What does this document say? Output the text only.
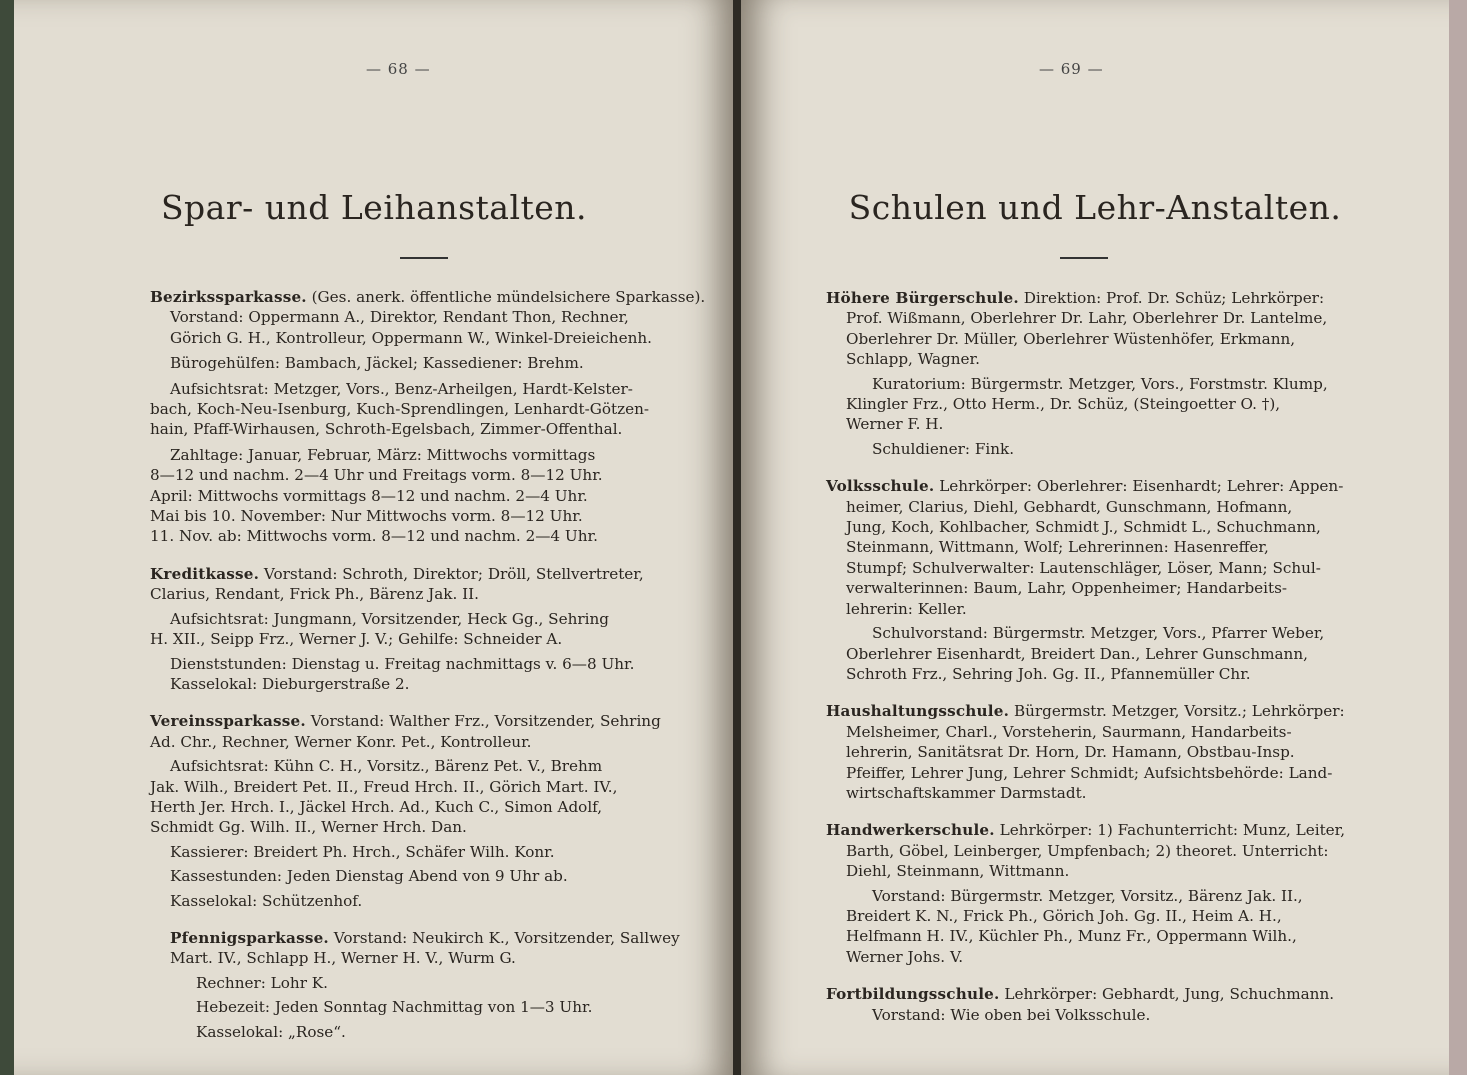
— 68 —
Spar- und Leihanstalten.
Bezirkssparkasse. (Ges. anerk. öffentliche mündelsichere Sparkasse).
Vorstand: Oppermann A., Direktor, Rendant Thon, Rechner,
Görich G. H., Kontrolleur, Oppermann W., Winkel-Dreieichenh.
Bürogehülfen: Bambach, Jäckel; Kassediener: Brehm.
Aufsichtsrat: Metzger, Vors., Benz-Arheilgen, Hardt-Kelster-
bach, Koch-Neu-Isenburg, Kuch-Sprendlingen, Lenhardt-Götzen-
hain, Pfaff-Wirhausen, Schroth-Egelsbach, Zimmer-Offenthal.
Zahltage: Januar, Februar, März: Mittwochs vormittags
8—12 und nachm. 2—4 Uhr und Freitags vorm. 8—12 Uhr.
April: Mittwochs vormittags 8—12 und nachm. 2—4 Uhr.
Mai bis 10. November: Nur Mittwochs vorm. 8—12 Uhr.
11. Nov. ab: Mittwochs vorm. 8—12 und nachm. 2—4 Uhr.
Kreditkasse. Vorstand: Schroth, Direktor; Dröll, Stellvertreter,
Clarius, Rendant, Frick Ph., Bärenz Jak. II.
Aufsichtsrat: Jungmann, Vorsitzender, Heck Gg., Sehring
H. XII., Seipp Frz., Werner J. V.; Gehilfe: Schneider A.
Dienststunden: Dienstag u. Freitag nachmittags v. 6—8 Uhr.
Kasselokal: Dieburgerstraße 2.
Vereinssparkasse. Vorstand: Walther Frz., Vorsitzender, Sehring
Ad. Chr., Rechner, Werner Konr. Pet., Kontrolleur.
Aufsichtsrat: Kühn C. H., Vorsitz., Bärenz Pet. V., Brehm
Jak. Wilh., Breidert Pet. II., Freud Hrch. II., Görich Mart. IV.,
Herth Jer. Hrch. I., Jäckel Hrch. Ad., Kuch C., Simon Adolf,
Schmidt Gg. Wilh. II., Werner Hrch. Dan.
Kassierer: Breidert Ph. Hrch., Schäfer Wilh. Konr.
Kassestunden: Jeden Dienstag Abend von 9 Uhr ab.
Kasselokal: Schützenhof.
Pfennigsparkasse. Vorstand: Neukirch K., Vorsitzender, Sallwey
Mart. IV., Schlapp H., Werner H. V., Wurm G.
Rechner: Lohr K.
Hebezeit: Jeden Sonntag Nachmittag von 1—3 Uhr.
Kasselokal: „Rose“.
— 69 —
Schulen und Lehr-Anstalten.
Höhere Bürgerschule. Direktion: Prof. Dr. Schüz; Lehrkörper:
Prof. Wißmann, Oberlehrer Dr. Lahr, Oberlehrer Dr. Lantelme,
Oberlehrer Dr. Müller, Oberlehrer Wüstenhöfer, Erkmann,
Schlapp, Wagner.
Kuratorium: Bürgermstr. Metzger, Vors., Forstmstr. Klump,
Klingler Frz., Otto Herm., Dr. Schüz, (Steingoetter O. †),
Werner F. H.
Schuldiener: Fink.
Volksschule. Lehrkörper: Oberlehrer: Eisenhardt; Lehrer: Appen-
heimer, Clarius, Diehl, Gebhardt, Gunschmann, Hofmann,
Jung, Koch, Kohlbacher, Schmidt J., Schmidt L., Schuchmann,
Steinmann, Wittmann, Wolf; Lehrerinnen: Hasenreffer,
Stumpf; Schulverwalter: Lautenschläger, Löser, Mann; Schul-
verwalterinnen: Baum, Lahr, Oppenheimer; Handarbeits-
lehrerin: Keller.
Schulvorstand: Bürgermstr. Metzger, Vors., Pfarrer Weber,
Oberlehrer Eisenhardt, Breidert Dan., Lehrer Gunschmann,
Schroth Frz., Sehring Joh. Gg. II., Pfannemüller Chr.
Haushaltungsschule. Bürgermstr. Metzger, Vorsitz.; Lehrkörper:
Melsheimer, Charl., Vorsteherin, Saurmann, Handarbeits-
lehrerin, Sanitätsrat Dr. Horn, Dr. Hamann, Obstbau-Insp.
Pfeiffer, Lehrer Jung, Lehrer Schmidt; Aufsichtsbehörde: Land-
wirtschaftskammer Darmstadt.
Handwerkerschule. Lehrkörper: 1) Fachunterricht: Munz, Leiter,
Barth, Göbel, Leinberger, Umpfenbach; 2) theoret. Unterricht:
Diehl, Steinmann, Wittmann.
Vorstand: Bürgermstr. Metzger, Vorsitz., Bärenz Jak. II.,
Breidert K. N., Frick Ph., Görich Joh. Gg. II., Heim A. H.,
Helfmann H. IV., Küchler Ph., Munz Fr., Oppermann Wilh.,
Werner Johs. V.
Fortbildungsschule. Lehrkörper: Gebhardt, Jung, Schuchmann.
Vorstand: Wie oben bei Volksschule.
